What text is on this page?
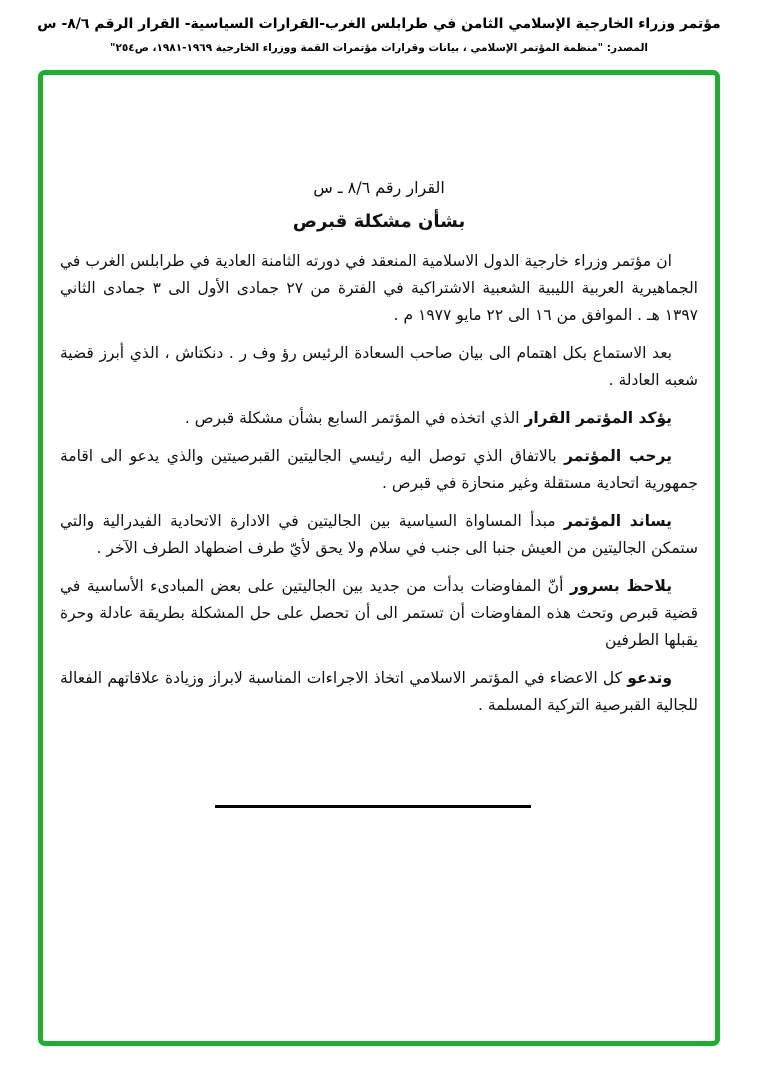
مؤتمر وزراء الخارجية الإسلامي الثامن في طرابلس الغرب-القرارات السياسية- القرار الرقم ٨/٦- س
المصدر: "منظمة المؤتمر الإسلامي ، بيانات وقرارات مؤتمرات القمة ووزراء الخارجية ⁦١٩٦٩-١٩٨١⁩، ص٢٥٤"
القرار رقم ٨/٦ ـ س
بشأن مشكلة قبرص

ان مؤتمر وزراء خارجية الدول الاسلامية المنعقد في دورته الثامنة العادية في طرابلس الغرب في الجماهيرية العربية الليبية الشعبية الاشتراكية في الفترة من ٢٧ جمادى الأول الى ٣ جمادى الثاني ١٣٩٧ هـ . الموافق من ١٦ الى ٢٢ مايو ١٩٧٧ م .

بعد الاستماع بكل اهتمام الى بيان صاحب السعادة الرئيس رؤ وف ر . دنكتاش ، الذي أبرز قضية شعبه العادلة .

يؤكد المؤتمر القرار الذي اتخذه في المؤتمر السابع بشأن مشكلة قبرص .

يرحب المؤتمر بالاتفاق الذي توصل اليه رئيسي الجاليتين القبرصيتين والذي يدعو الى اقامة جمهورية اتحادية مستقلة وغير منحازة في قبرص .

يساند المؤتمر مبدأ المساواة السياسية بين الجاليتين في الادارة الاتحادية الفيدرالية والتي ستمكن الجاليتين من العيش جنبا الى جنب في سلام ولا يحق لأيّ طرف اضطهاد الطرف الآخر .

يلاحظ بسرور أنّ المفاوضات بدأت من جديد بين الجاليتين على بعض المبادىء الأساسية في قضية قبرص وتحث هذه المفاوضات أن تستمر الى أن تحصل على حل المشكلة بطريقة عادلة وحرة يقبلها الطرفين

وتدعو كل الاعضاء في المؤتمر الاسلامي اتخاذ الاجراءات المناسبة لابراز وزيادة علاقاتهم الفعالة للجالية القبرصية التركية المسلمة .
